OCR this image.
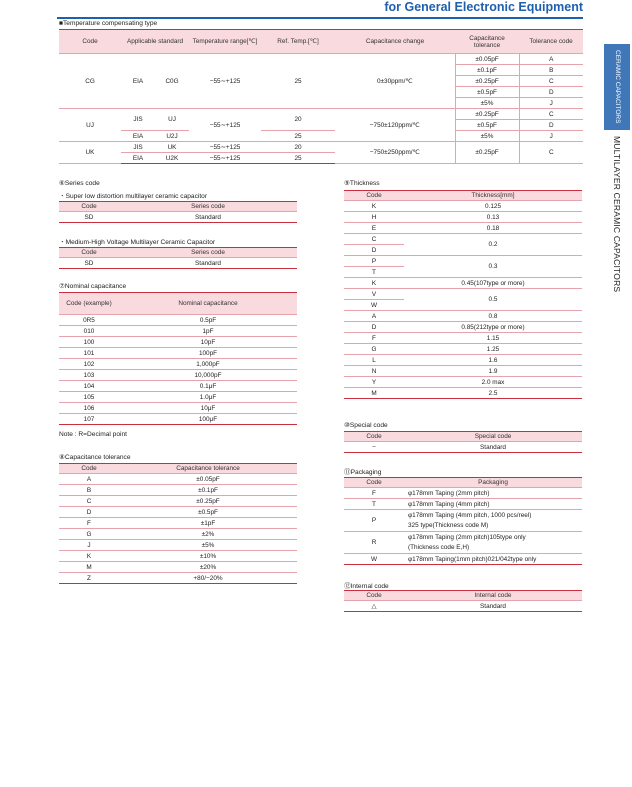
for General Electronic Equipment
CERAMIC CAPACITORS
MULTILAYER CERAMIC CAPACITORS
■Temperature compensating type
Code	Applicable standard		Temperature range[℃]	Ref. Temp.[℃]	Capacitance change	Capacitance tolerance	Tolerance code
CG	EIA	C0G	−55∼+125	25	0±30ppm/℃	±0.05pF	A
						±0.1pF	B
						±0.25pF	C
						±0.5pF	D
						±5%	J
UJ	JIS	UJ	−55∼+125	20	−750±120ppm/℃	±0.25pF	C
						±0.5pF	D
	EIA	U2J		25		±5%	J
UK	JIS	UK	−55∼+125	20	−750±250ppm/℃	±0.25pF	C
	EIA	U2K	−55∼+125	25			
⑥Series code
・Super low distortion multilayer ceramic capacitor
Code	Series code
SD	Standard
・Medium-High Voltage Multilayer Ceramic Capacitor
Code	Series code
SD	Standard
⑦Nominal capacitance
Code (example)	Nominal capacitance
0R5	0.5pF
010	1pF
100	10pF
101	100pF
102	1,000pF
103	10,000pF
104	0.1μF
105	1.0μF
106	10μF
107	100μF
Note : R=Decimal point
⑧Capacitance tolerance
Code	Capacitance tolerance
A	±0.05pF
B	±0.1pF
C	±0.25pF
D	±0.5pF
F	±1pF
G	±2%
J	±5%
K	±10%
M	±20%
Z	+80/−20%
⑨Thickness
Code	Thickness[mm]
K	0.125
H	0.13
E	0.18
C	0.2
D	
P	0.3
T	
K	0.45(107type or more)
V	0.5
W	
A	0.8
D	0.85(212type or more)
F	1.15
G	1.25
L	1.6
N	1.9
Y	2.0 max
M	2.5
⑩Special code
Code	Special code
−	Standard
⑪Packaging
Code	Packaging
F	φ178mm Taping (2mm pitch)
T	φ178mm Taping (4mm pitch)
P	φ178mm Taping (4mm pitch, 1000 pcs/reel)
325 type(Thickness code M)

R	φ178mm Taping (2mm pitch)105type only
(Thickness code E,H)

W	φ178mm Taping(1mm pitch)021/042type only
⑫Internal code
Code	Internal code
△	Standard
